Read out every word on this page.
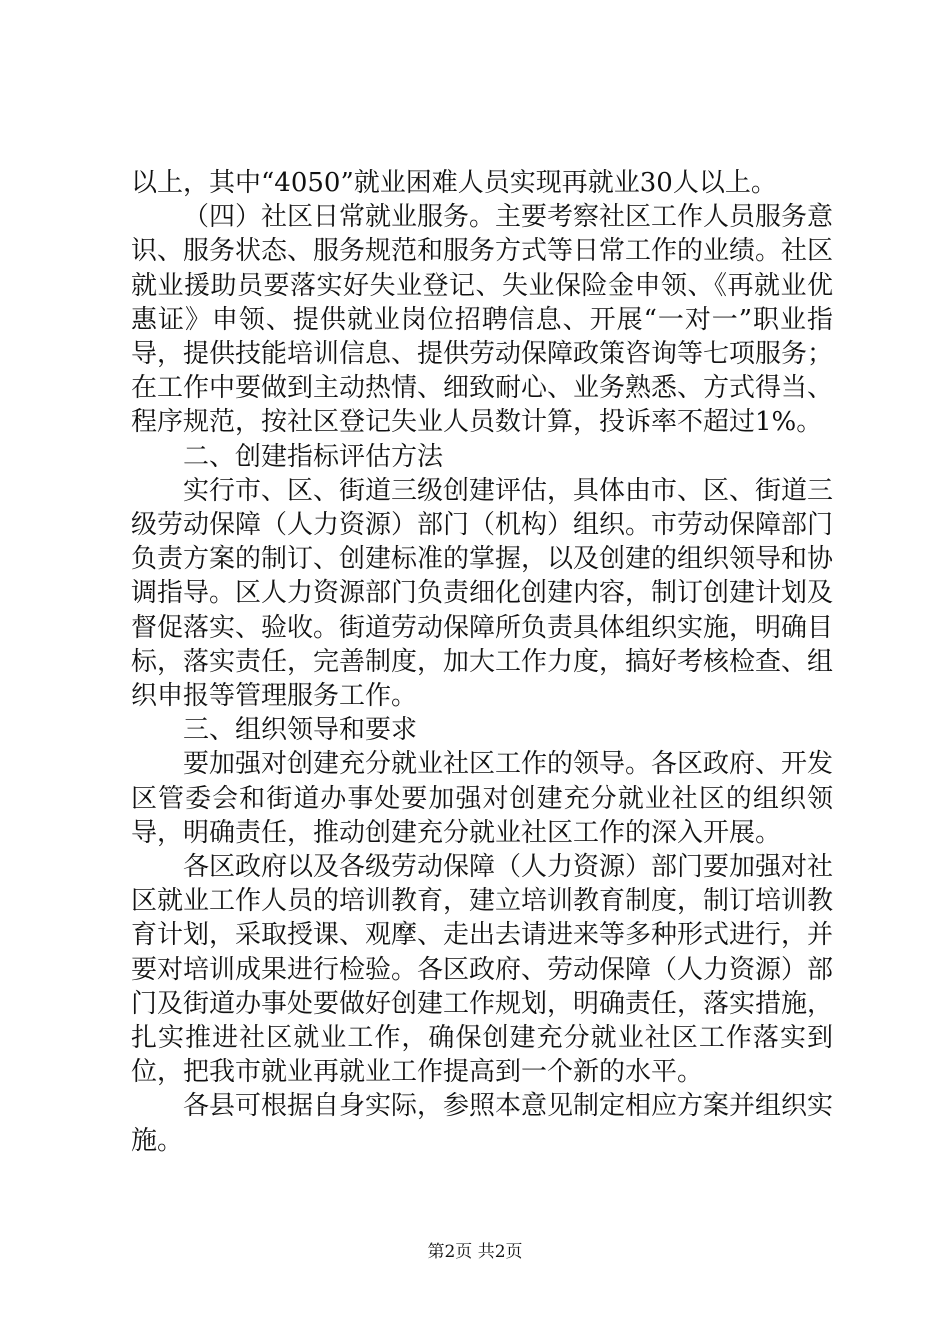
以上，其中“4050”就业困难人员实现再就业30人以上。

（四）社区日常就业服务。主要考察社区工作人员服务意识、服务状态、服务规范和服务方式等日常工作的业绩。社区就业援助员要落实好失业登记、失业保险金申领、《再就业优惠证》申领、提供就业岗位招聘信息、开展“一对一”职业指导，提供技能培训信息、提供劳动保障政策咨询等七项服务；在工作中要做到主动热情、细致耐心、业务熟悉、方式得当、程序规范，按社区登记失业人员数计算，投诉率不超过1%。

二、创建指标评估方法

实行市、区、街道三级创建评估，具体由市、区、街道三级劳动保障（人力资源）部门（机构）组织。市劳动保障部门负责方案的制订、创建标准的掌握，以及创建的组织领导和协调指导。区人力资源部门负责细化创建内容，制订创建计划及督促落实、验收。街道劳动保障所负责具体组织实施，明确目标，落实责任，完善制度，加大工作力度，搞好考核检查、组织申报等管理服务工作。

三、组织领导和要求

要加强对创建充分就业社区工作的领导。各区政府、开发区管委会和街道办事处要加强对创建充分就业社区的组织领导，明确责任，推动创建充分就业社区工作的深入开展。

各区政府以及各级劳动保障（人力资源）部门要加强对社区就业工作人员的培训教育，建立培训教育制度，制订培训教育计划，采取授课、观摩、走出去请进来等多种形式进行，并要对培训成果进行检验。各区政府、劳动保障（人力资源）部门及街道办事处要做好创建工作规划，明确责任，落实措施，扎实推进社区就业工作，确保创建充分就业社区工作落实到位，把我市就业再就业工作提高到一个新的水平。

各县可根据自身实际，参照本意见制定相应方案并组织实施。

第2页 共2页
